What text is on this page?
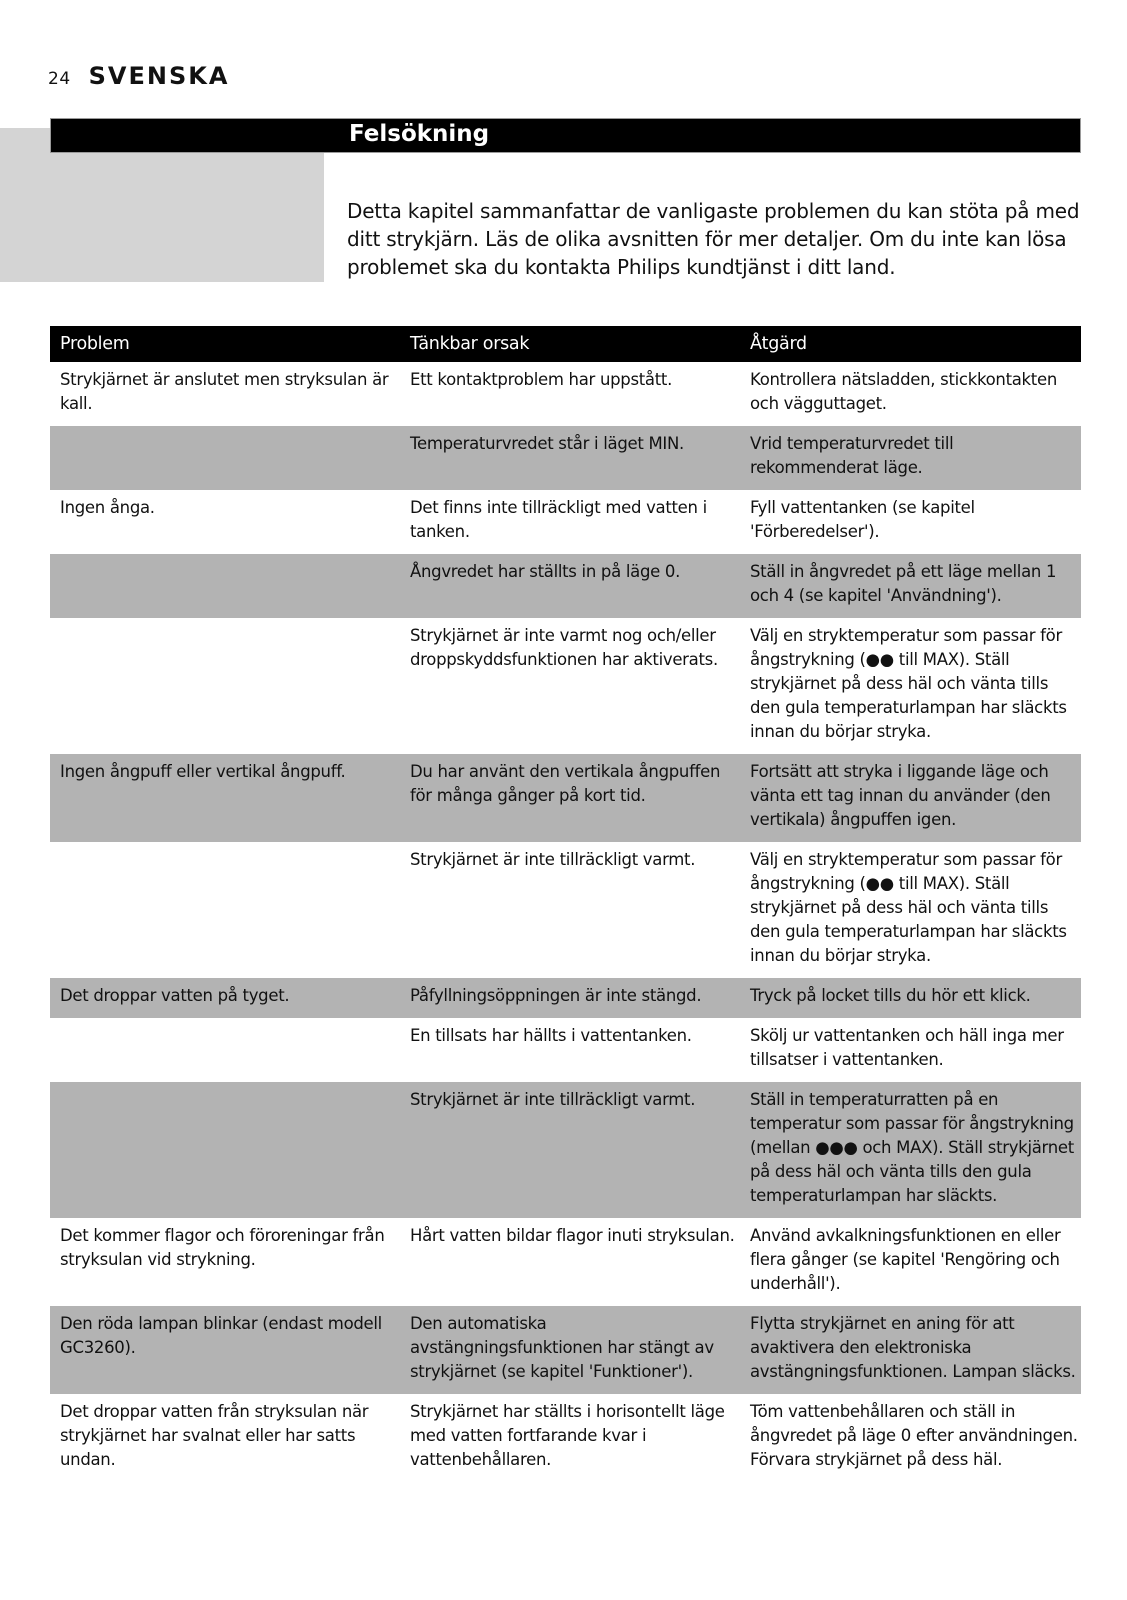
24 SVENSKA
Felsökning

Detta kapitel sammanfattar de vanligaste problemen du kan stöta på med ditt strykjärn. Läs de olika avsnitten för mer detaljer. Om du inte kan lösa problemet ska du kontakta Philips kundtjänst i ditt land.

Problem	Tänkbar orsak	Åtgärd
Strykjärnet är anslutet men stryksulan är kall.	Ett kontaktproblem har uppstått.	Kontrollera nätsladden, stickkontakten och vägguttaget.
	Temperaturvredet står i läget MIN.	Vrid temperaturvredet till rekommenderat läge.
Ingen ånga.	Det finns inte tillräckligt med vatten i tanken.	Fyll vattentanken (se kapitel 'Förberedelser').
	Ångvredet har ställts in på läge 0.	Ställ in ångvredet på ett läge mellan 1 och 4 (se kapitel 'Användning').
	Strykjärnet är inte varmt nog och/eller droppskyddsfunktionen har aktiverats.	Välj en stryktemperatur som passar för ångstrykning (●● till MAX). Ställ strykjärnet på dess häl och vänta tills den gula temperaturlampan har släckts innan du börjar stryka.
Ingen ångpuff eller vertikal ångpuff.	Du har använt den vertikala ångpuffen för många gånger på kort tid.	Fortsätt att stryka i liggande läge och vänta ett tag innan du använder (den vertikala) ångpuffen igen.
	Strykjärnet är inte tillräckligt varmt.	Välj en stryktemperatur som passar för ångstrykning (●● till MAX). Ställ strykjärnet på dess häl och vänta tills den gula temperaturlampan har släckts innan du börjar stryka.
Det droppar vatten på tyget.	Påfyllningsöppningen är inte stängd.	Tryck på locket tills du hör ett klick.
	En tillsats har hällts i vattentanken.	Skölj ur vattentanken och häll inga mer tillsatser i vattentanken.
	Strykjärnet är inte tillräckligt varmt.	Ställ in temperaturratten på en temperatur som passar för ångstrykning (mellan ●●● och MAX). Ställ strykjärnet på dess häl och vänta tills den gula temperaturlampan har släckts.
Det kommer flagor och föroreningar från stryksulan vid strykning.	Hårt vatten bildar flagor inuti stryksulan.	Använd avkalkningsfunktionen en eller flera gånger (se kapitel 'Rengöring och underhåll').
Den röda lampan blinkar (endast modell GC3260).	Den automatiska avstängningsfunktionen har stängt av strykjärnet (se kapitel 'Funktioner').	Flytta strykjärnet en aning för att avaktivera den elektroniska avstängningsfunktionen. Lampan släcks.
Det droppar vatten från stryksulan när strykjärnet har svalnat eller har satts undan.	Strykjärnet har ställts i horisontellt läge med vatten fortfarande kvar i vattenbehållaren.	Töm vattenbehållaren och ställ in ångvredet på läge 0 efter användningen. Förvara strykjärnet på dess häl.
